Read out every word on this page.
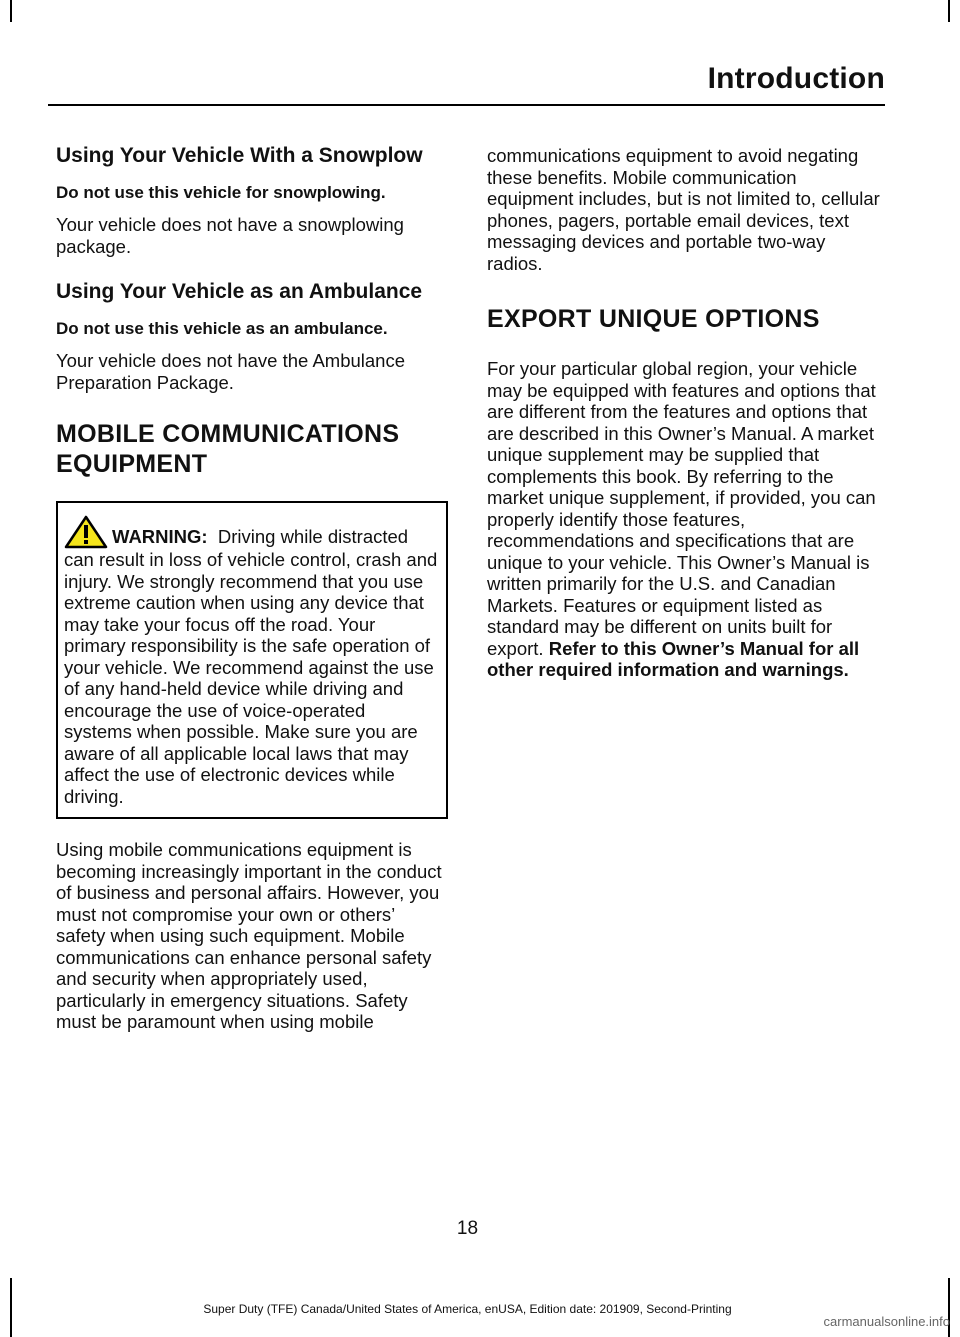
Introduction
Using Your Vehicle With a Snowplow
Do not use this vehicle for snowplowing.

Your vehicle does not have a snowplowing package.

Using Your Vehicle as an Ambulance
Do not use this vehicle as an ambulance.

Your vehicle does not have the Ambulance Preparation Package.

MOBILE COMMUNICATIONS
EQUIPMENT

WARNING: Driving while distracted can result in loss of vehicle control, crash and injury. We strongly recommend that you use extreme caution when using any device that may take your focus off the road. Your primary responsibility is the safe operation of your vehicle. We recommend against the use of any hand-held device while driving and encourage the use of voice-operated systems when possible. Make sure you are aware of all applicable local laws that may affect the use of electronic devices while driving.

Using mobile communications equipment is becoming increasingly important in the conduct of business and personal affairs. However, you must not compromise your own or others’ safety when using such equipment. Mobile communications can enhance personal safety and security when appropriately used, particularly in emergency situations. Safety must be paramount when using mobile

communications equipment to avoid negating these benefits. Mobile communication equipment includes, but is not limited to, cellular phones, pagers, portable email devices, text messaging devices and portable two-way radios.

EXPORT UNIQUE OPTIONS

For your particular global region, your vehicle may be equipped with features and options that are different from the features and options that are described in this Owner’s Manual. A market unique supplement may be supplied that complements this book. By referring to the market unique supplement, if provided, you can properly identify those features, recommendations and specifications that are unique to your vehicle. This Owner’s Manual is written primarily for the U.S. and Canadian Markets. Features or equipment listed as standard may be different on units built for export. Refer to this Owner’s Manual for all other required information and warnings.

18
Super Duty (TFE) Canada/United States of America, enUSA, Edition date: 201909, Second-Printing
carmanualsonline.info
